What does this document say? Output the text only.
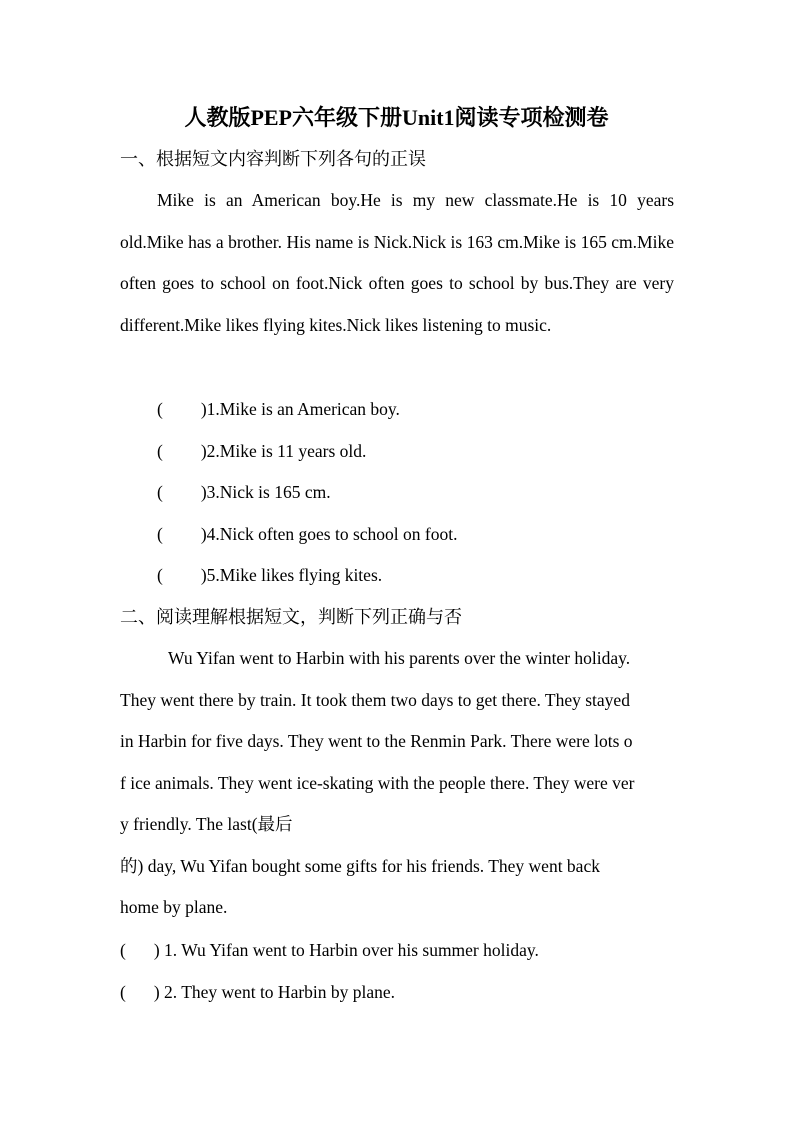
人教版PEP六年级下册Unit1阅读专项检测卷
一、根据短文内容判断下列各句的正误
Mike is an American boy.He is my new classmate.He is 10 years old.Mike has a brother. His name is Nick.Nick is 163 cm.Mike is 165 cm.Mike often goes to school on foot.Nick often goes to school by bus.They are very different.Mike likes flying kites.Nick likes listening to music.
( )1.Mike is an American boy.
( )2.Mike is 11 years old.
( )3.Nick is 165 cm.
( )4.Nick often goes to school on foot.
( )5.Mike likes flying kites.
二、阅读理解根据短文，判断下列正确与否
Wu Yifan went to Harbin with his parents over the winter holiday.
They went there by train. It took them two days to get there. They stayed
in Harbin for five days. They went to the Renmin Park. There were lots o
f ice animals. They went ice-skating with the people there. They were ver
y friendly. The last(最后
的) day, Wu Yifan bought some gifts for his friends. They went back
home by plane.
( ) 1. Wu Yifan went to Harbin over his summer holiday.
( ) 2. They went to Harbin by plane.
